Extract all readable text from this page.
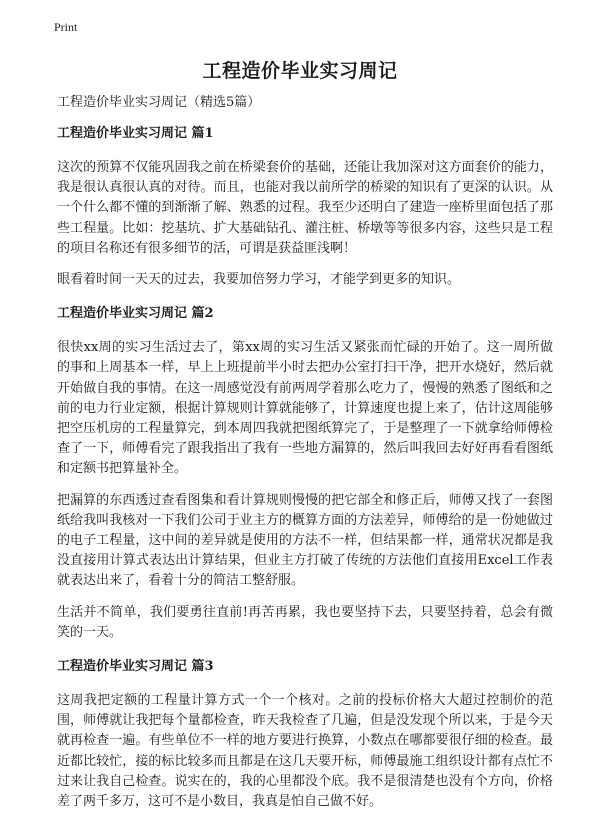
Print
工程造价毕业实习周记

工程造价毕业实习周记（精选5篇）

工程造价毕业实习周记 篇1

这次的预算不仅能巩固我之前在桥梁套价的基础，还能让我加深对这方面套价的能力，我是很认真很认真的对待。而且，也能对我以前所学的桥梁的知识有了更深的认识。从一个什么都不懂的到渐渐了解、熟悉的过程。我至少还明白了建造一座桥里面包括了那些工程量。比如：挖基坑、扩大基础钻孔、灌注桩、桥墩等等很多内容，这些只是工程的项目名称还有很多细节的活，可谓是获益匪浅啊！

眼看着时间一天天的过去，我要加倍努力学习，才能学到更多的知识。

工程造价毕业实习周记 篇2

很快xx周的实习生活过去了，第xx周的实习生活又紧张而忙碌的开始了。这一周所做的事和上周基本一样，早上上班提前半小时去把办公室打扫干净，把开水烧好，然后就开始做自我的事情。在这一周感觉没有前两周学着那么吃力了，慢慢的熟悉了图纸和之前的电力行业定额，根据计算规则计算就能够了，计算速度也提上来了，估计这周能够把空压机房的工程量算完，到本周四我就把图纸算完了，于是整理了一下就拿给师傅检查了一下，师傅看完了跟我指出了我有一些地方漏算的，然后叫我回去好好再看看图纸和定额书把算量补全。

把漏算的东西透过查看图集和看计算规则慢慢的把它部全和修正后，师傅又找了一套图纸给我叫我核对一下我们公司于业主方的概算方面的方法差异，师傅给的是一份她做过的电子工程量，这中间的差异就是使用的方法不一样，但结果都一样，通常状况都是我没直接用计算式表达出计算结果，但业主方打破了传统的方法他们直接用Excel工作表就表达出来了，看着十分的简洁工整舒服。

生活并不简单，我们要勇往直前!再苦再累，我也要坚持下去，只要坚持着，总会有微笑的一天。

工程造价毕业实习周记 篇3

这周我把定额的工程量计算方式一个一个核对。之前的投标价格大大超过控制价的范围，师傅就让我把每个量都检查，昨天我检查了几遍，但是没发现个所以来，于是今天就再检查一遍。有些单位不一样的地方要进行换算，小数点在哪都要很仔细的检查。最近都比较忙，接的标比较多而且都是在这几天要开标，师傅最施工组织设计都有点忙不过来让我自己检查。说实在的，我的心里都没个底。我不是很清楚也没有个方向，价格差了两千多万，这可不是小数目，我真是怕自己做不好。
